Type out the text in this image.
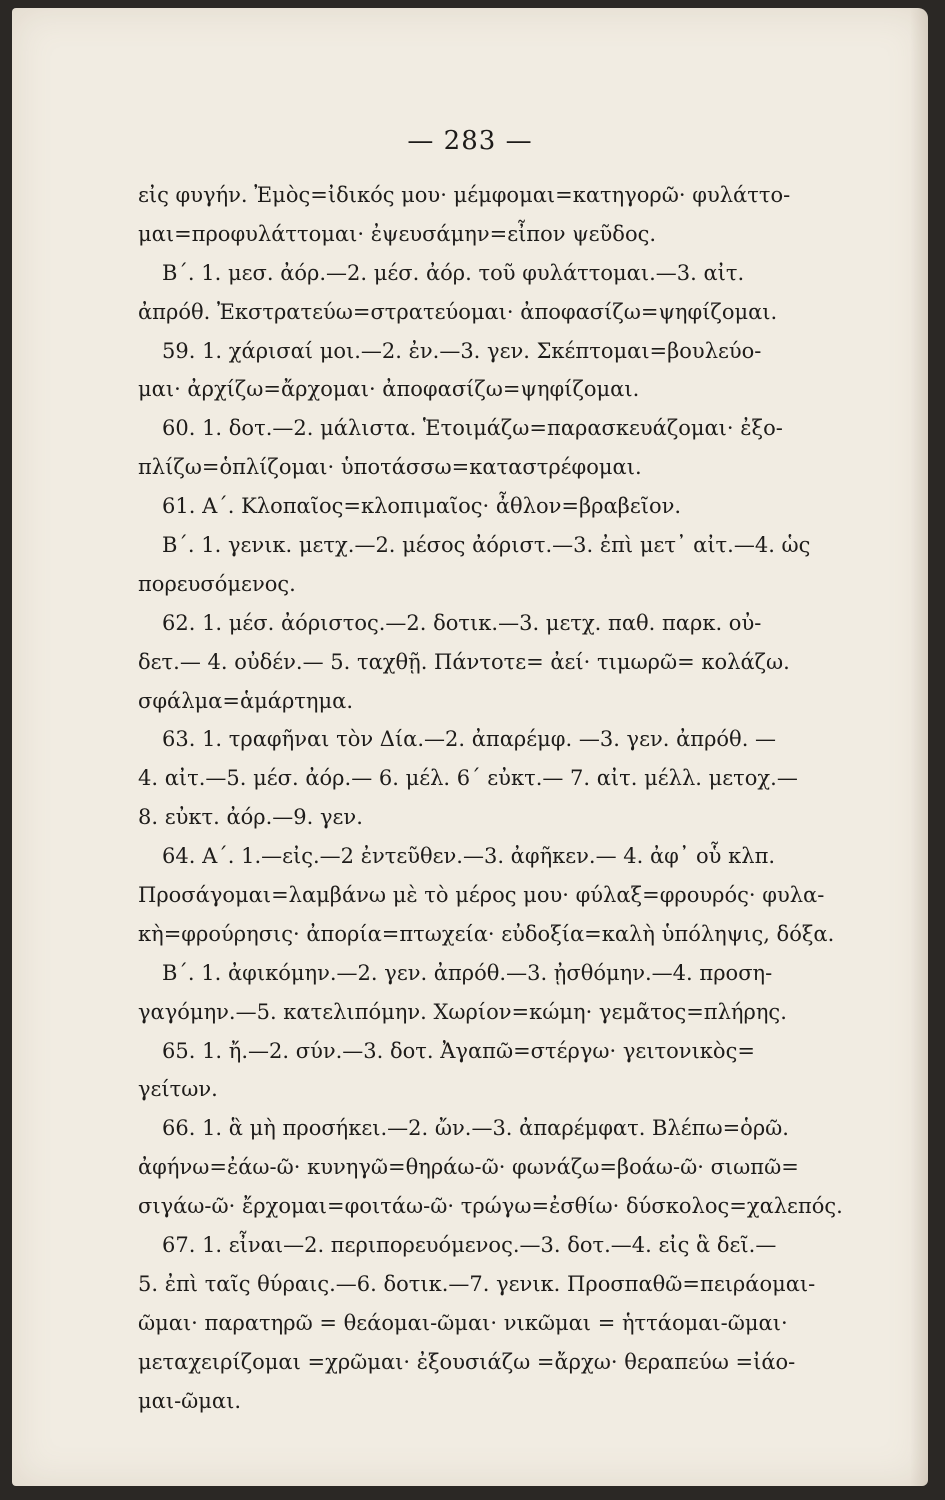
— 283 —
εἰς φυγήν. Ἐμὸς=ἰδικός μου· μέμφομαι=κατηγορῶ· φυλάττο-
μαι=προφυλάττομαι· ἐψευσάμην=εἶπον ψεῦδος.
Β΄. 1. μεσ. ἀόρ.—2. μέσ. ἀόρ. τοῦ φυλάττομαι.—3. αἰτ.
ἀπρόθ. Ἐκστρατεύω=στρατεύομαι· ἀποφασίζω=ψηφίζομαι.
59. 1. χάρισαί μοι.—2. ἐν.—3. γεν. Σκέπτομαι=βουλεύο-
μαι· ἀρχίζω=ἄρχομαι· ἀποφασίζω=ψηφίζομαι.
60. 1. δοτ.—2. μάλιστα. Ἑτοιμάζω=παρασκευάζομαι· ἐξο-
πλίζω=ὁπλίζομαι· ὑποτάσσω=καταστρέφομαι.
61. Α΄. Κλοπαῖος=κλοπιμαῖος· ἆθλον=βραβεῖον.
Β΄. 1. γενικ. μετχ.—2. μέσος ἀόριστ.—3. ἐπὶ μετ᾽ αἰτ.—4. ὡς
πορευσόμενος.
62. 1. μέσ. ἀόριστος.—2. δοτικ.—3. μετχ. παθ. παρκ. οὐ-
δετ.— 4. οὐδέν.— 5. ταχθῇ. Πάντοτε= ἀεί· τιμωρῶ= κολάζω.
σφάλμα=ἁμάρτημα.
63. 1. τραφῆναι τὸν Δία.—2. ἀπαρέμφ. —3. γεν. ἀπρόθ. —
4. αἰτ.—5. μέσ. ἀόρ.— 6. μέλ. 6΄ εὐκτ.— 7. αἰτ. μέλλ. μετοχ.—
8. εὐκτ. ἀόρ.—9. γεν.
64. Α΄. 1.—εἰς.—2 ἐντεῦθεν.—3. ἀφῆκεν.— 4. ἀφ᾽ οὗ κλπ.
Προσάγομαι=λαμβάνω μὲ τὸ μέρος μου· φύλαξ=φρουρός· φυλα-
κὴ=φρούρησις· ἀπορία=πτωχεία· εὐδοξία=καλὴ ὑπόληψις, δόξα.
Β΄. 1. ἀφικόμην.—2. γεν. ἀπρόθ.—3. ᾐσθόμην.—4. προση-
γαγόμην.—5. κατελιπόμην. Χωρίον=κώμη· γεμᾶτος=πλήρης.
65. 1. ἤ.—2. σύν.—3. δοτ. Ἀγαπῶ=στέργω· γειτονικὸς=
γείτων.
66. 1. ἃ μὴ προσήκει.—2. ὤν.—3. ἀπαρέμφατ. Βλέπω=ὁρῶ.
ἀφήνω=ἐάω-ῶ· κυνηγῶ=θηράω-ῶ· φωνάζω=βοάω-ῶ· σιωπῶ=
σιγάω-ῶ· ἔρχομαι=φοιτάω-ῶ· τρώγω=ἐσθίω· δύσκολος=χαλεπός.
67. 1. εἶναι—2. περιπορευόμενος.—3. δοτ.—4. εἰς ἃ δεῖ.—
5. ἐπὶ ταῖς θύραις.—6. δοτικ.—7. γενικ. Προσπαθῶ=πειράομαι-
ῶμαι· παρατηρῶ = θεάομαι-ῶμαι· νικῶμαι = ἡττάομαι-ῶμαι·
μεταχειρίζομαι =χρῶμαι· ἐξουσιάζω =ἄρχω· θεραπεύω =ἰάο-
μαι-ῶμαι.
